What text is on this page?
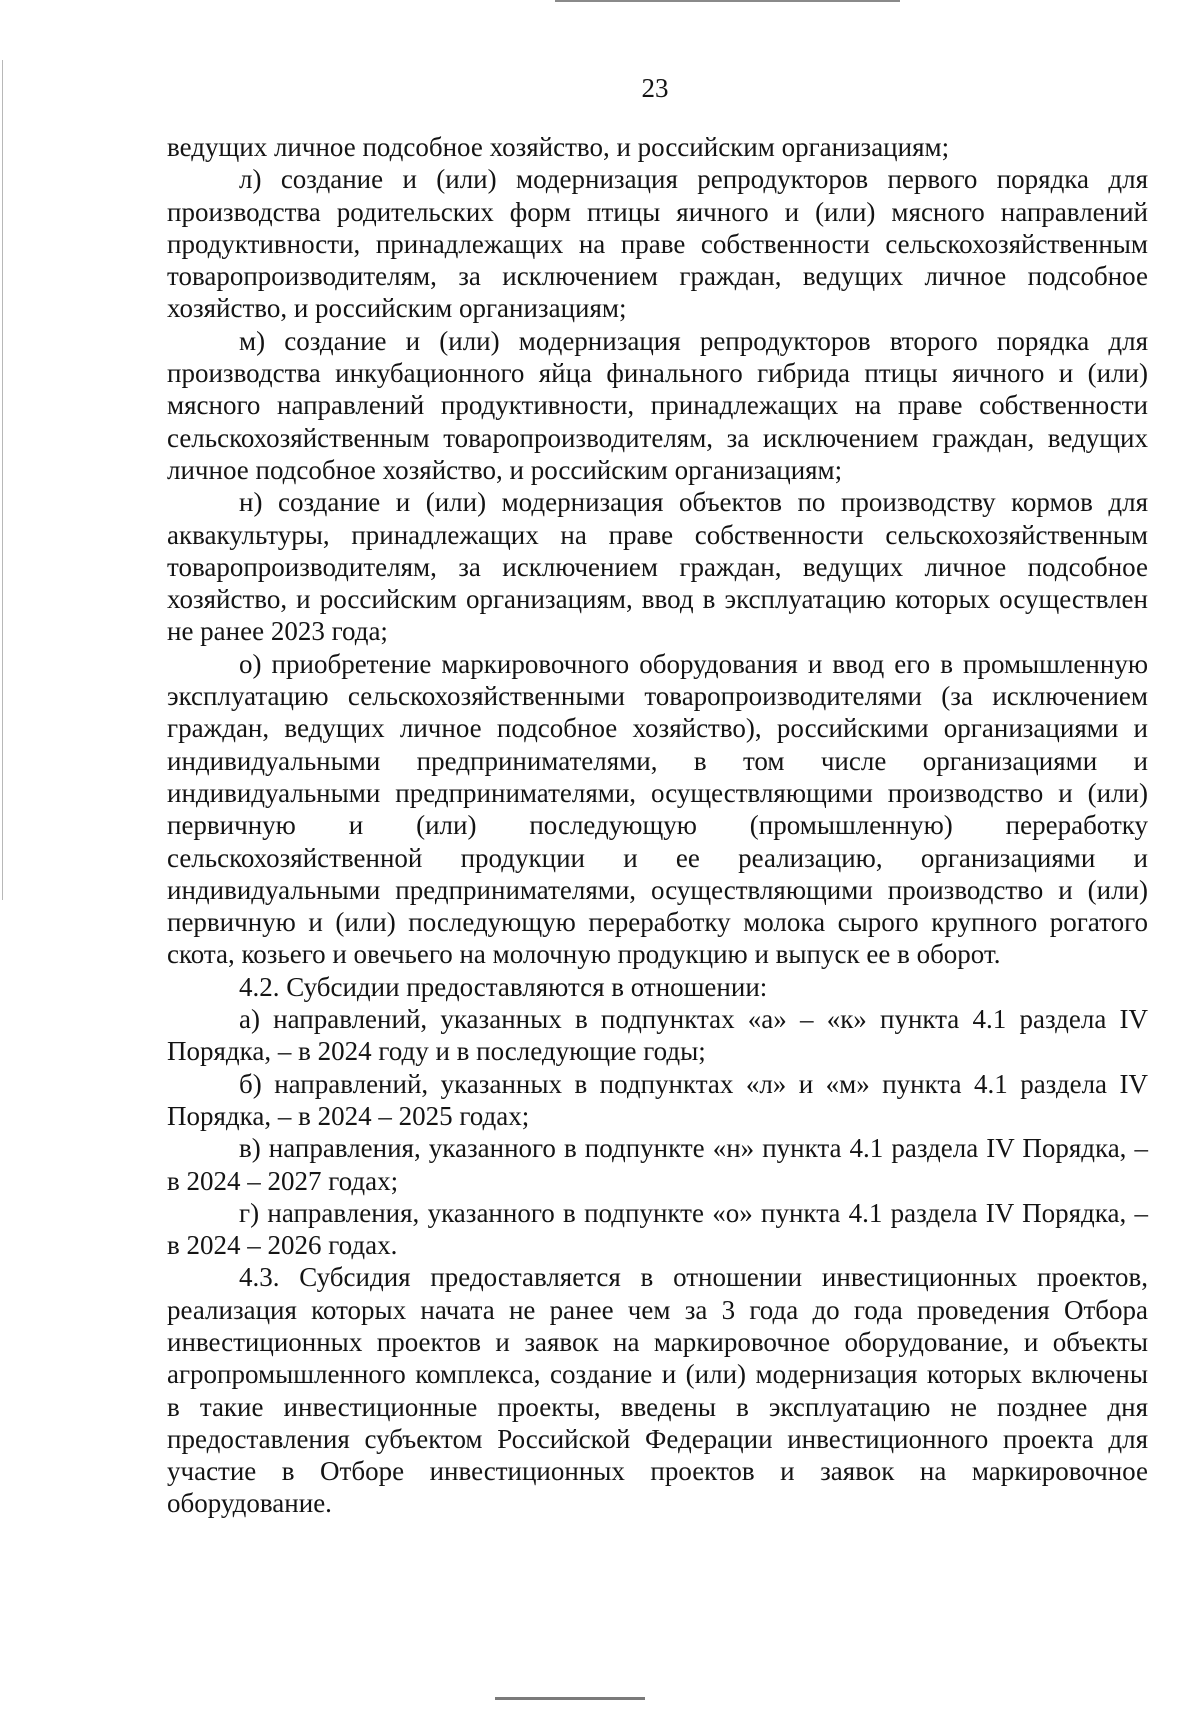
23

ведущих личное подсобное хозяйство, и российским организациям;

л) создание и (или) модернизация репродукторов первого порядка для производства родительских форм птицы яичного и (или) мясного направлений продуктивности, принадлежащих на праве собственности сельскохозяйственным товаропроизводителям, за исключением граждан, ведущих личное подсобное хозяйство, и российским организациям;

м) создание и (или) модернизация репродукторов второго порядка для производства инкубационного яйца финального гибрида птицы яичного и (или) мясного направлений продуктивности, принадлежащих на праве собственности сельскохозяйственным товаропроизводителям, за исключением граждан, ведущих личное подсобное хозяйство, и российским организациям;

н) создание и (или) модернизация объектов по производству кормов для аквакультуры, принадлежащих на праве собственности сельскохозяйственным товаропроизводителям, за исключением граждан, ведущих личное подсобное хозяйство, и российским организациям, ввод в эксплуатацию которых осуществлен не ранее 2023 года;

о) приобретение маркировочного оборудования и ввод его в промышленную эксплуатацию сельскохозяйственными товаропроизводителями (за исключением граждан, ведущих личное подсобное хозяйство), российскими организациями и индивидуальными предпринимателями, в том числе организациями и индивидуальными предпринимателями, осуществляющими производство и (или) первичную и (или) последующую (промышленную) переработку сельскохозяйственной продукции и ее реализацию, организациями и индивидуальными предпринимателями, осуществляющими производство и (или) первичную и (или) последующую переработку молока сырого крупного рогатого скота, козьего и овечьего на молочную продукцию и выпуск ее в оборот.

4.2. Субсидии предоставляются в отношении:

а) направлений, указанных в подпунктах «а» – «к» пункта 4.1 раздела IV Порядка, – в 2024 году и в последующие годы;

б) направлений, указанных в подпунктах «л» и «м» пункта 4.1 раздела IV Порядка, – в 2024 – 2025 годах;

в) направления, указанного в подпункте «н» пункта 4.1 раздела IV Порядка, – в 2024 – 2027 годах;

г) направления, указанного в подпункте «о» пункта 4.1 раздела IV Порядка, – в 2024 – 2026 годах.

4.3. Субсидия предоставляется в отношении инвестиционных проектов, реализация которых начата не ранее чем за 3 года до года проведения Отбора инвестиционных проектов и заявок на маркировочное оборудование, и объекты агропромышленного комплекса, создание и (или) модернизация которых включены в такие инвестиционные проекты, введены в эксплуатацию не позднее дня предоставления субъектом Российской Федерации инвестиционного проекта для участие в Отборе инвестиционных проектов и заявок на маркировочное оборудование.
